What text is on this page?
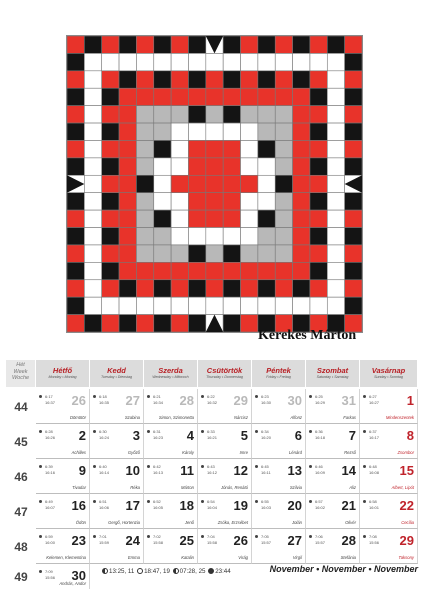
Kerekes Márton
Hét
Week
Woche
Hétfő
Monday • Montag
Kedd
Tuesday • Dienstag
Szerda
Wednesday • Mittwoch
Csütörtök
Thursday • Donnerstag
Péntek
Friday • Freitag
Szombat
Saturday • Samstag
Vasárnap
Sunday • Sonntag
44
6:17
16:37 26
Dömötör
6:18
16:35 27
Szabina
6:21
16:34 28
Simon, Szimonetta
6:22
16:32 29
Nárcisz
6:23
16:30 30
Alfonz
6:25
16:29 31
Farkas
6:27
16:27 1
Mindenszentek
45
6:28
16:26 2
Achilles
6:30
16:24 3
Győző
6:31
16:23 4
Károly
6:33
16:21 5
Imre
6:34
16:20 6
Lénárd
6:36
16:18 7
Rezső
6:37
16:17 8
Zsombor
46
6:39
16:16 9
Tivadar
6:40
16:14 10
Réka
6:42
16:13 11
Márton
6:43
16:12 12
Jónás, Renátó
6:45
16:11 13
Szilvia
6:46
16:09 14
Aliz
6:48
16:08 15
Albert, Lipót
47
6:49
16:07 16
Ödön
6:51
16:06 17
Gergő, Hortenzia
6:52
16:05 18
Jenő
6:54
16:04 19
Zsóka, Erzsébet
6:55
16:03 20
Jolán
6:57
16:02 21
Olivér
6:58
16:01 22
Cecília
48
6:59
16:00 23
Kelemen, Klementina
7:01
15:59 24
Emma
7:02
15:58 25
Katalin
7:04
15:58 26
Virág
7:05
15:57 27
Virgil
7:06
15:57 28
Stefánia
7:08
15:56 29
Taksony
49	7:09
15:56 30
András, Andor
13:25, 11 18:47, 19 07:28, 25 23:44	November • November • November
